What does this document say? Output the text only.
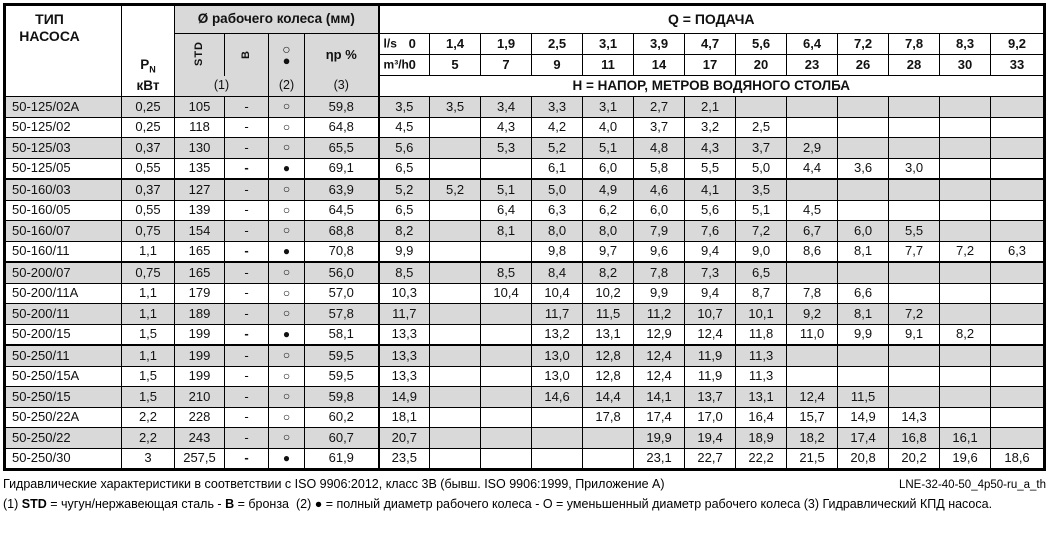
ТИП
НАСОСА

$P_N$
кВт
	Ø рабочего колеса (мм)	Q = ПОДАЧА
STD	B	○
●	ηp %	
l/s 0	1,4	1,9	2,5	3,1	3,9	4,7	5,6	6,4	7,2	7,8	8,3	9,2

						m³/h 0	5	7	9	11	14	17	20	23	26	28	30	33
		(1)		(2)	(3)	Н = НАПОР, МЕТРОВ ВОДЯНОГО СТОЛБА												
50-125/02A	0,25	105	-	○	59,8	3,5	3,5	3,4	3,3	3,1	2,7	2,1						
50-125/02	0,25	118	-	○	64,8	4,5		4,3	4,2	4,0	3,7	3,2	2,5					
50-125/03	0,37	130	-	○	65,5	5,6		5,3	5,2	5,1	4,8	4,3	3,7	2,9				
50-125/05	0,55	135	-	●	69,1	6,5			6,1	6,0	5,8	5,5	5,0	4,4	3,6	3,0		
50-160/03	0,37	127	-	○	63,9	5,2	5,2	5,1	5,0	4,9	4,6	4,1	3,5					
50-160/05	0,55	139	-	○	64,5	6,5		6,4	6,3	6,2	6,0	5,6	5,1	4,5				
50-160/07	0,75	154	-	○	68,8	8,2		8,1	8,0	8,0	7,9	7,6	7,2	6,7	6,0	5,5		
50-160/11	1,1	165	-	●	70,8	9,9			9,8	9,7	9,6	9,4	9,0	8,6	8,1	7,7	7,2	6,3
50-200/07	0,75	165	-	○	56,0	8,5		8,5	8,4	8,2	7,8	7,3	6,5					
50-200/11A	1,1	179	-	○	57,0	10,3		10,4	10,4	10,2	9,9	9,4	8,7	7,8	6,6			
50-200/11	1,1	189	-	○	57,8	11,7			11,7	11,5	11,2	10,7	10,1	9,2	8,1	7,2		
50-200/15	1,5	199	-	●	58,1	13,3			13,2	13,1	12,9	12,4	11,8	11,0	9,9	9,1	8,2	
50-250/11	1,1	199	-	○	59,5	13,3			13,0	12,8	12,4	11,9	11,3					
50-250/15A	1,5	199	-	○	59,5	13,3			13,0	12,8	12,4	11,9	11,3					
50-250/15	1,5	210	-	○	59,8	14,9			14,6	14,4	14,1	13,7	13,1	12,4	11,5			
50-250/22A	2,2	228	-	○	60,2	18,1				17,8	17,4	17,0	16,4	15,7	14,9	14,3		
50-250/22	2,2	243	-	○	60,7	20,7					19,9	19,4	18,9	18,2	17,4	16,8	16,1	
50-250/30	3	257,5	-	●	61,9	23,5					23,1	22,7	22,2	21,5	20,8	20,2	19,6	18,6
Гидравлические характеристики в соответствии с ISO 9906:2012, класс 3В (бывш. ISO 9906:1999, Приложение А)	LNE-32-40-50_4p50-ru_a_th
(1) STD = чугун/нержавеющая сталь - B = бронза  (2) ● = полный диаметр рабочего колеса - O = уменьшенный диаметр рабочего колеса (3) Гидравлический КПД насоса.
